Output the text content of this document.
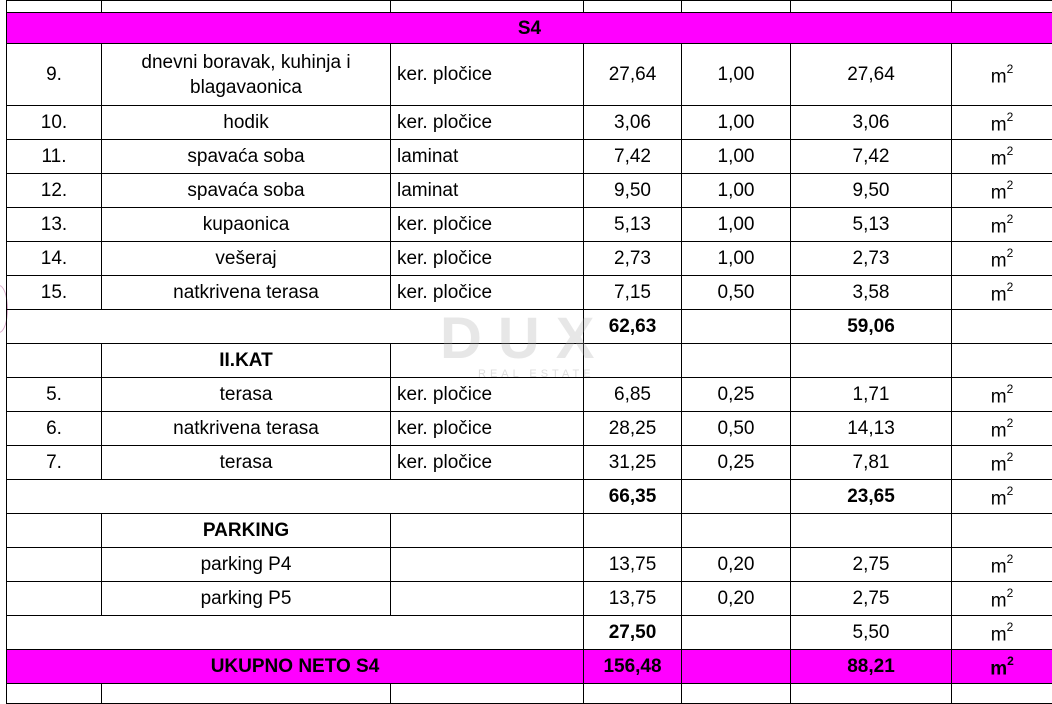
S4						
9.	dnevni boravak, kuhinja i blagavaonica	ker. pločice	27,64	1,00	27,64	$m^2$
10.	hodik	ker. pločice	3,06	1,00	3,06	$m^2$
11.	spavaća soba	laminat	7,42	1,00	7,42	$m^2$
12.	spavaća soba	laminat	9,50	1,00	9,50	$m^2$
13.	kupaonica	ker. pločice	5,13	1,00	5,13	$m^2$
14.	vešeraj	ker. pločice	2,73	1,00	2,73	$m^2$
15.	natkrivena terasa	ker. pločice	7,15	0,50	3,58	$m^2$
			62,63		59,06	
	II.KAT					
5.	terasa	ker. pločice	6,85	0,25	1,71	$m^2$
6.	natkrivena terasa	ker. pločice	28,25	0,50	14,13	$m^2$
7.	terasa	ker. pločice	31,25	0,25	7,81	$m^2$
			66,35		23,65	$m^2$
	PARKING					
	parking P4		13,75	0,20	2,75	$m^2$
	parking P5		13,75	0,20	2,75	$m^2$
			27,50		5,50	$m^2$
UKUPNO NETO S4			156,48		88,21	$m^2$

DUX
REAL ESTATE
